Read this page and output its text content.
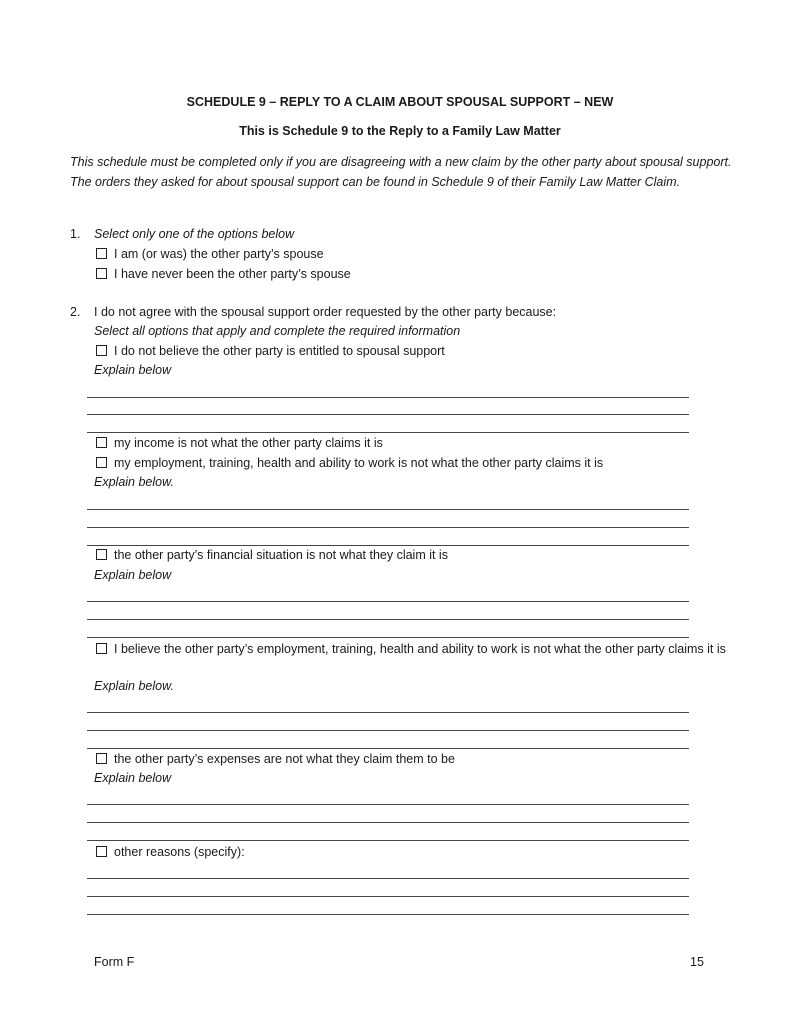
SCHEDULE 9 – REPLY TO A CLAIM ABOUT SPOUSAL SUPPORT – NEW
This is Schedule 9 to the Reply to a Family Law Matter
This schedule must be completed only if you are disagreeing with a new claim by the other party about spousal support. The orders they asked for about spousal support can be found in Schedule 9 of their Family Law Matter Claim.
1. Select only one of the options below
I am (or was) the other party’s spouse
I have never been the other party’s spouse
2. I do not agree with the spousal support order requested by the other party because:
Select all options that apply and complete the required information
I do not believe the other party is entitled to spousal support
Explain below
my income is not what the other party claims it is
my employment, training, health and ability to work is not what the other party claims it is
Explain below.
the other party’s financial situation is not what they claim it is
Explain below
I believe the other party’s employment, training, health and ability to work is not what the other party claims it is
Explain below.
the other party’s expenses are not what they claim them to be
Explain below
other reasons (specify):
Form F	15
